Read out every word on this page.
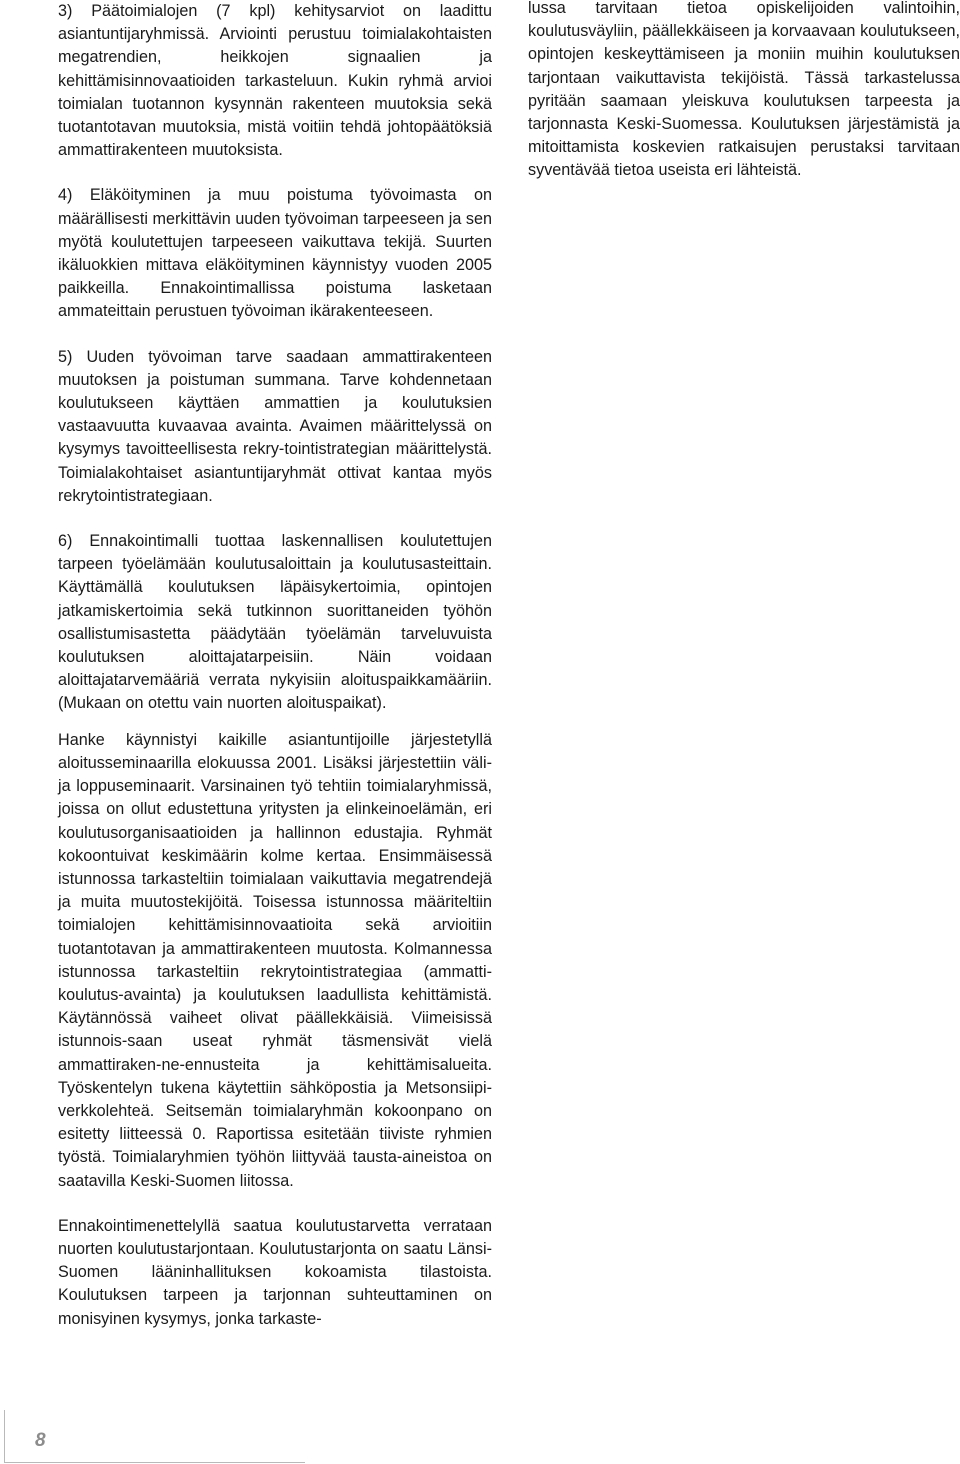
3) Päätoimialojen (7 kpl) kehitysarviot on laadittu asiantuntijaryhmissä. Arviointi perustuu toimialakohtaisten megatrendien, heikkojen signaalien ja kehittämisinnovaatioiden tarkasteluun. Kukin ryhmä arvioi toimialan tuotannon kysynnän rakenteen muutoksia sekä tuotantotavan muutoksia, mistä voitiin tehdä johtopäätöksiä ammattirakenteen muutoksista.

4) Eläköityminen ja muu poistuma työvoimasta on määrällisesti merkittävin uuden työvoiman tarpeeseen ja sen myötä koulutettujen tarpeeseen vaikuttava tekijä. Suurten ikäluokkien mittava eläköityminen käynnistyy vuoden 2005 paikkeilla. Ennakointimallissa poistuma lasketaan ammateittain perustuen työvoiman ikärakenteeseen.

5) Uuden työvoiman tarve saadaan ammattirakenteen muutoksen ja poistuman summana. Tarve kohdennetaan koulutukseen käyttäen ammattien ja koulutuksien vastaavuutta kuvaavaa avainta. Avaimen määrittelyssä on kysymys tavoitteellisesta rekry-tointistrategian määrittelystä. Toimialakohtaiset asiantuntijaryhmät ottivat kantaa myös rekrytointistrategiaan.

6) Ennakointimalli tuottaa laskennallisen koulutettujen tarpeen työelämään koulutusaloittain ja koulutusasteittain. Käyttämällä koulutuksen läpäisykertoimia, opintojen jatkamiskertoimia sekä tutkinnon suorittaneiden työhön osallistumisastetta päädytään työelämän tarveluvuista koulutuksen aloittajatarpeisiin. Näin voidaan aloittajatarvemääriä verrata nykyisiin aloituspaikkamääriin. (Mukaan on otettu vain nuorten aloituspaikat).

Hanke käynnistyi kaikille asiantuntijoille järjestetyllä aloitusseminaarilla elokuussa 2001. Lisäksi järjestettiin väli- ja loppuseminaarit. Varsinainen työ tehtiin toimialaryhmissä, joissa on ollut edustettuna yritysten ja elinkeinoelämän, eri koulutusorganisaatioiden ja hallinnon edustajia. Ryhmät kokoontuivat keskimäärin kolme kertaa. Ensimmäisessä istunnossa tarkasteltiin toimialaan vaikuttavia megatrendejä ja muita muutostekijöitä. Toisessa istunnossa määriteltiin toimialojen kehittämisinnovaatioita sekä arvioitiin tuotantotavan ja ammattirakenteen muutosta. Kolmannessa istunnossa tarkasteltiin rekrytointistrategiaa (ammatti-koulutus-avainta) ja koulutuksen laadullista kehittämistä. Käytännössä vaiheet olivat päällekkäisiä. Viimeisissä istunnois-saan useat ryhmät täsmensivät vielä ammattiraken-ne-ennusteita ja kehittämisalueita. Työskentelyn tukena käytettiin sähköpostia ja Metsonsiipi-verkkolehteä. Seitsemän toimialaryhmän kokoonpano on esitetty liitteessä 0. Raportissa esitetään tiiviste ryhmien työstä. Toimialaryhmien työhön liittyvää tausta-aineistoa on saatavilla Keski-Suomen liitossa.

Ennakointimenettelyllä saatua koulutustarvetta verrataan nuorten koulutustarjontaan. Koulutustarjonta on saatu Länsi-Suomen lääninhallituksen kokoamista tilastoista. Koulutuksen tarpeen ja tarjonnan suhteuttaminen on monisyinen kysymys, jonka tarkaste-

lussa tarvitaan tietoa opiskelijoiden valintoihin, koulutusväyliin, päällekkäiseen ja korvaavaan koulutukseen, opintojen keskeyttämiseen ja moniin muihin koulutuksen tarjontaan vaikuttavista tekijöistä. Tässä tarkastelussa pyritään saamaan yleiskuva koulutuksen tarpeesta ja tarjonnasta Keski-Suomessa. Koulutuksen järjestämistä ja mitoittamista koskevien ratkaisujen perustaksi tarvitaan syventävää tietoa useista eri lähteistä.

8
